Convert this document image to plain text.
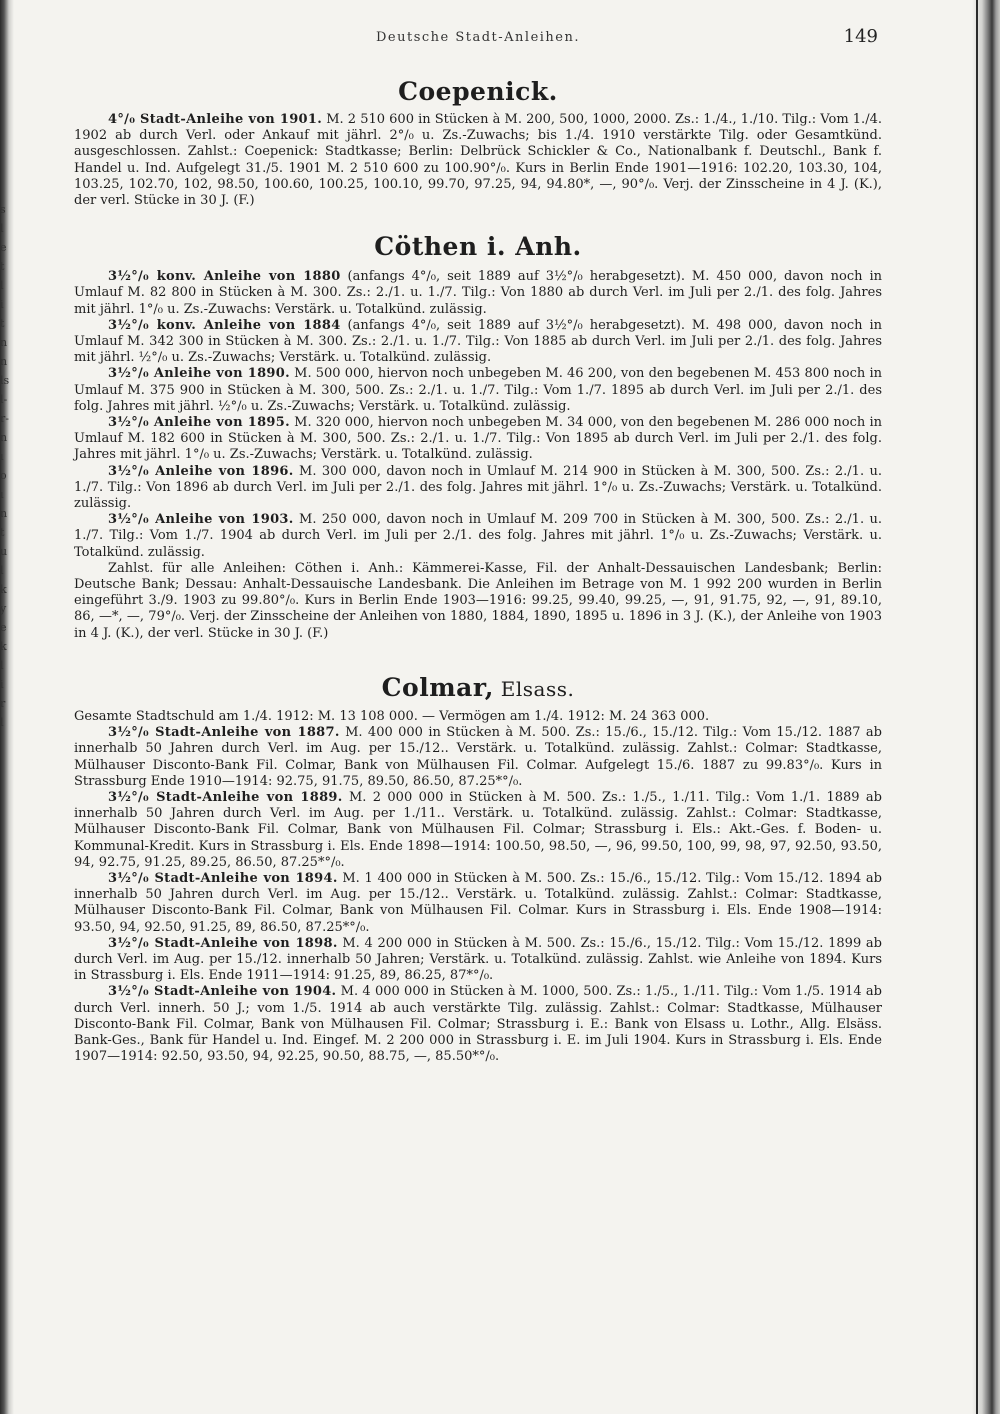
s
l
e
t
l
i
t
n
n
ls
l-
r-
n
ı
o
ı
n
t
u
l
k
y
e
k
l
i
r
l
Deutsche Stadt-Anleihen.	149
Coepenick.

4°/₀ Stadt-Anleihe von 1901. M. 2 510 600 in Stücken à M. 200, 500, 1000, 2000. Zs.: 1./4., 1./10. Tilg.: Vom 1./4. 1902 ab durch Verl. oder Ankauf mit jährl. 2°/₀ u. Zs.-Zuwachs; bis 1./4. 1910 verstärkte Tilg. oder Gesamtkünd. ausgeschlossen. Zahlst.: Coepenick: Stadtkasse; Berlin: Delbrück Schickler & Co., Nationalbank f. Deutschl., Bank f. Handel u. Ind. Aufgelegt 31./5. 1901 M. 2 510 600 zu 100.90°/₀. Kurs in Berlin Ende 1901—1916: 102.20, 103.30, 104, 103.25, 102.70, 102, 98.50, 100.60, 100.25, 100.10, 99.70, 97.25, 94, 94.80*, —, 90°/₀. Verj. der Zinsscheine in 4 J. (K.), der verl. Stücke in 30 J. (F.)

Cöthen i. Anh.

3½°/₀ konv. Anleihe von 1880 (anfangs 4°/₀, seit 1889 auf 3½°/₀ herabgesetzt). M. 450 000, davon noch in Umlauf M. 82 800 in Stücken à M. 300. Zs.: 2./1. u. 1./7. Tilg.: Von 1880 ab durch Verl. im Juli per 2./1. des folg. Jahres mit jährl. 1°/₀ u. Zs.-Zuwachs: Verstärk. u. Totalkünd. zulässig.

3½°/₀ konv. Anleihe von 1884 (anfangs 4°/₀, seit 1889 auf 3½°/₀ herabgesetzt). M. 498 000, davon noch in Umlauf M. 342 300 in Stücken à M. 300. Zs.: 2./1. u. 1./7. Tilg.: Von 1885 ab durch Verl. im Juli per 2./1. des folg. Jahres mit jährl. ½°/₀ u. Zs.-Zuwachs; Verstärk. u. Totalkünd. zulässig.

3½°/₀ Anleihe von 1890. M. 500 000, hiervon noch unbegeben M. 46 200, von den begebenen M. 453 800 noch in Umlauf M. 375 900 in Stücken à M. 300, 500. Zs.: 2./1. u. 1./7. Tilg.: Vom 1./7. 1895 ab durch Verl. im Juli per 2./1. des folg. Jahres mit jährl. ½°/₀ u. Zs.-Zuwachs; Verstärk. u. Totalkünd. zulässig.

3½°/₀ Anleihe von 1895. M. 320 000, hiervon noch unbegeben M. 34 000, von den begebenen M. 286 000 noch in Umlauf M. 182 600 in Stücken à M. 300, 500. Zs.: 2./1. u. 1./7. Tilg.: Von 1895 ab durch Verl. im Juli per 2./1. des folg. Jahres mit jährl. 1°/₀ u. Zs.-Zuwachs; Verstärk. u. Totalkünd. zulässig.

3½°/₀ Anleihe von 1896. M. 300 000, davon noch in Umlauf M. 214 900 in Stücken à M. 300, 500. Zs.: 2./1. u. 1./7. Tilg.: Von 1896 ab durch Verl. im Juli per 2./1. des folg. Jahres mit jährl. 1°/₀ u. Zs.-Zuwachs; Verstärk. u. Totalkünd. zulässig.

3½°/₀ Anleihe von 1903. M. 250 000, davon noch in Umlauf M. 209 700 in Stücken à M. 300, 500. Zs.: 2./1. u. 1./7. Tilg.: Vom 1./7. 1904 ab durch Verl. im Juli per 2./1. des folg. Jahres mit jährl. 1°/₀ u. Zs.-Zuwachs; Verstärk. u. Totalkünd. zulässig.

Zahlst. für alle Anleihen: Cöthen i. Anh.: Kämmerei-Kasse, Fil. der Anhalt-Dessauischen Landesbank; Berlin: Deutsche Bank; Dessau: Anhalt-Dessauische Landesbank. Die Anleihen im Betrage von M. 1 992 200 wurden in Berlin eingeführt 3./9. 1903 zu 99.80°/₀. Kurs in Berlin Ende 1903—1916: 99.25, 99.40, 99.25, —, 91, 91.75, 92, —, 91, 89.10, 86, —*, —, 79°/₀. Verj. der Zinsscheine der Anleihen von 1880, 1884, 1890, 1895 u. 1896 in 3 J. (K.), der Anleihe von 1903 in 4 J. (K.), der verl. Stücke in 30 J. (F.)

Colmar, Elsass.

Gesamte Stadtschuld am 1./4. 1912: M. 13 108 000. — Vermögen am 1./4. 1912: M. 24 363 000.

3½°/₀ Stadt-Anleihe von 1887. M. 400 000 in Stücken à M. 500. Zs.: 15./6., 15./12. Tilg.: Vom 15./12. 1887 ab innerhalb 50 Jahren durch Verl. im Aug. per 15./12.. Verstärk. u. Totalkünd. zulässig. Zahlst.: Colmar: Stadtkasse, Mülhauser Disconto-Bank Fil. Colmar, Bank von Mülhausen Fil. Colmar. Aufgelegt 15./6. 1887 zu 99.83°/₀. Kurs in Strassburg Ende 1910—1914: 92.75, 91.75, 89.50, 86.50, 87.25*°/₀.

3½°/₀ Stadt-Anleihe von 1889. M. 2 000 000 in Stücken à M. 500. Zs.: 1./5., 1./11. Tilg.: Vom 1./1. 1889 ab innerhalb 50 Jahren durch Verl. im Aug. per 1./11.. Verstärk. u. Totalkünd. zulässig. Zahlst.: Colmar: Stadtkasse, Mülhauser Disconto-Bank Fil. Colmar, Bank von Mülhausen Fil. Colmar; Strassburg i. Els.: Akt.-Ges. f. Boden- u. Kommunal-Kredit. Kurs in Strassburg i. Els. Ende 1898—1914: 100.50, 98.50, —, 96, 99.50, 100, 99, 98, 97, 92.50, 93.50, 94, 92.75, 91.25, 89.25, 86.50, 87.25*°/₀.

3½°/₀ Stadt-Anleihe von 1894. M. 1 400 000 in Stücken à M. 500. Zs.: 15./6., 15./12. Tilg.: Vom 15./12. 1894 ab innerhalb 50 Jahren durch Verl. im Aug. per 15./12.. Verstärk. u. Totalkünd. zulässig. Zahlst.: Colmar: Stadtkasse, Mülhauser Disconto-Bank Fil. Colmar, Bank von Mülhausen Fil. Colmar. Kurs in Strassburg i. Els. Ende 1908—1914: 93.50, 94, 92.50, 91.25, 89, 86.50, 87.25*°/₀.

3½°/₀ Stadt-Anleihe von 1898. M. 4 200 000 in Stücken à M. 500. Zs.: 15./6., 15./12. Tilg.: Vom 15./12. 1899 ab durch Verl. im Aug. per 15./12. innerhalb 50 Jahren; Verstärk. u. Totalkünd. zulässig. Zahlst. wie Anleihe von 1894. Kurs in Strassburg i. Els. Ende 1911—1914: 91.25, 89, 86.25, 87*°/₀.

3½°/₀ Stadt-Anleihe von 1904. M. 4 000 000 in Stücken à M. 1000, 500. Zs.: 1./5., 1./11. Tilg.: Vom 1./5. 1914 ab durch Verl. innerh. 50 J.; vom 1./5. 1914 ab auch verstärkte Tilg. zulässig. Zahlst.: Colmar: Stadtkasse, Mülhauser Disconto-Bank Fil. Colmar, Bank von Mülhausen Fil. Colmar; Strassburg i. E.: Bank von Elsass u. Lothr., Allg. Elsäss. Bank-Ges., Bank für Handel u. Ind. Eingef. M. 2 200 000 in Strassburg i. E. im Juli 1904. Kurs in Strassburg i. Els. Ende 1907—1914: 92.50, 93.50, 94, 92.25, 90.50, 88.75, —, 85.50*°/₀.
